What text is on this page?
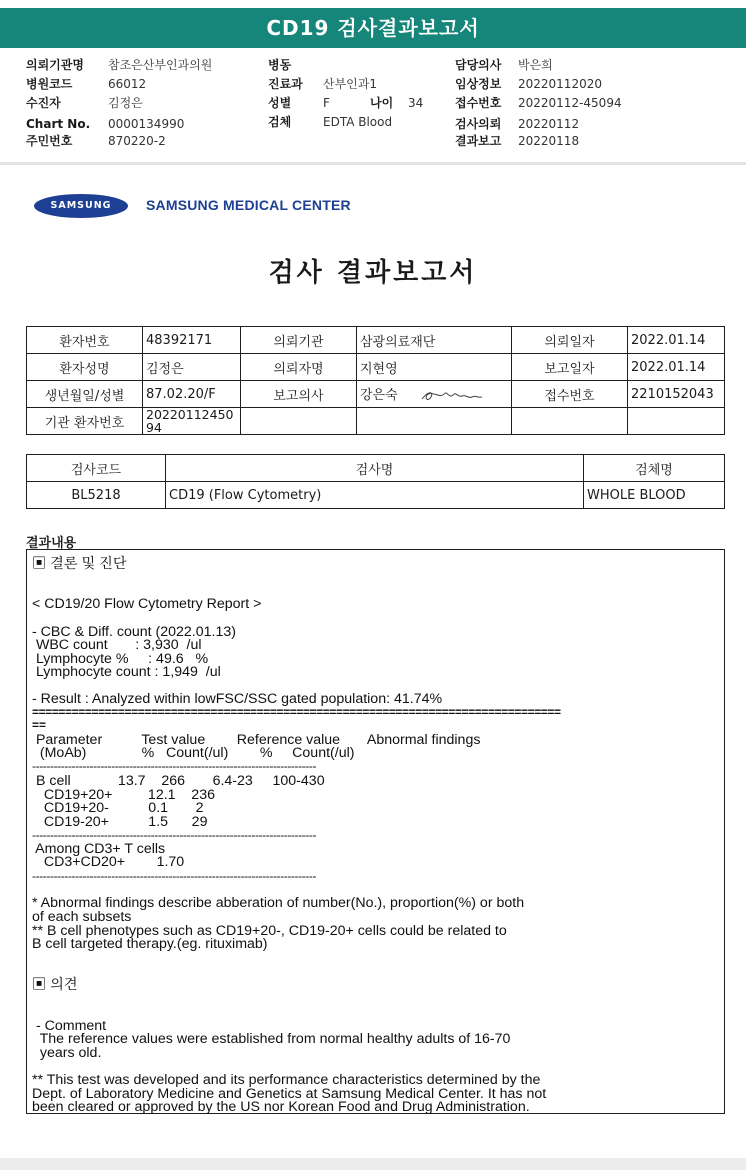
CD19 검사결과보고서
의뢰기관명 참조은산부인과의원
병원코드	66012
수진자	김정은
Chart No. 0000134990
주민번호	870220-2
병동
진료과 산부인과1
성별	F	나이 34
검체	EDTA Blood
담당의사 박은희
임상정보 20220112020
접수번호 20220112-45094
검사의뢰 20220112
결과보고 20220118
SAMSUNG	SAMSUNG MEDICAL CENTER
검사 결과보고서
환자번호	48392171	의뢰기관	삼광의료재단	의뢰일자	2022.01.14
환자성명	김정은	의뢰자명	지현영	보고일자	2022.01.14
생년월일/성별	87.02.20/F	보고의사	강은숙	접수번호	2210152043
기관 환자번호	2022011245094				
검사코드	검사명	검체명
BL5218	CD19 (Flow Cytometry)	WHOLE BLOOD
결과내용
▣ 결론 및 진단
< CD19/20 Flow Cytometry Report >
- CBC & Diff. count (2022.01.13)
WBC count       : 3,930  /ul
Lymphocyte %     : 49.6   %
Lymphocyte count : 1,949  /ul
- Result : Analyzed within lowFSC/SSC gated population: 41.74%
================================================================================
==
Parameter          Test value        Reference value       Abnormal findings
(MoAb)              %   Count(/ul)        %     Count(/ul)
-------------------------------------------------------------------------------
B cell            13.7    266       6.4-23     100-430
CD19+20+         12.1    236
CD19+20-          0.1       2
CD19-20+          1.5      29
-------------------------------------------------------------------------------
Among CD3+ T cells
CD3+CD20+        1.70
-------------------------------------------------------------------------------
* Abnormal findings describe abberation of number(No.), proportion(%) or both
of each subsets
** B cell phenotypes such as CD19+20-, CD19-20+ cells could be related to
B cell targeted therapy.(eg. rituximab)
▣ 의견
- Comment
The reference values were established from normal healthy adults of 16-70
years old.
** This test was developed and its performance characteristics determined by the
Dept. of Laboratory Medicine and Genetics at Samsung Medical Center. It has not
been cleared or approved by the US nor Korean Food and Drug Administration.
